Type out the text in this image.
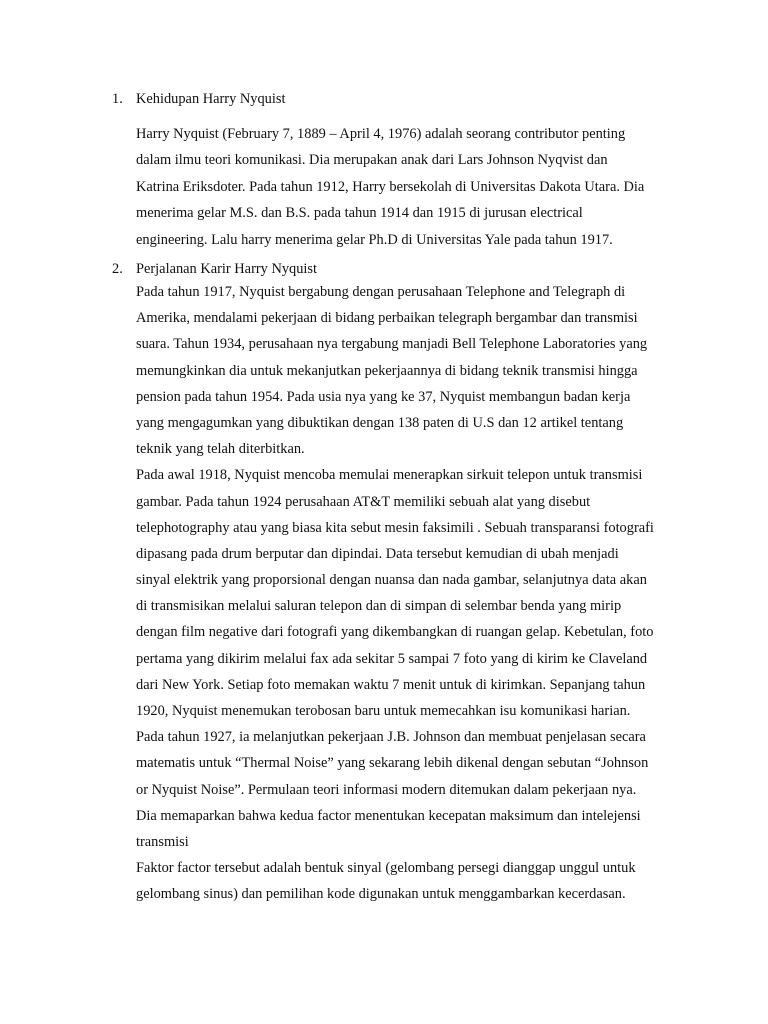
1. Kehidupan Harry Nyquist
Harry Nyquist (February 7, 1889 – April 4, 1976) adalah seorang contributor penting
dalam ilmu teori komunikasi. Dia merupakan anak dari Lars Johnson Nyqvist dan
Katrina Eriksdoter. Pada tahun 1912, Harry bersekolah di Universitas Dakota Utara. Dia
menerima gelar M.S. dan B.S. pada tahun 1914 dan 1915 di jurusan electrical
engineering. Lalu harry menerima gelar Ph.D di Universitas Yale pada tahun 1917.
2. Perjalanan Karir Harry Nyquist
Pada tahun 1917, Nyquist bergabung dengan perusahaan Telephone and Telegraph di
Amerika, mendalami pekerjaan di bidang perbaikan telegraph bergambar dan transmisi
suara. Tahun 1934, perusahaan nya tergabung manjadi Bell Telephone Laboratories yang
memungkinkan dia untuk mekanjutkan pekerjaannya di bidang teknik transmisi hingga
pension pada tahun 1954. Pada usia nya yang ke 37, Nyquist membangun badan kerja
yang mengagumkan yang dibuktikan dengan 138 paten di U.S dan 12 artikel tentang
teknik yang telah diterbitkan.
Pada awal 1918, Nyquist mencoba memulai menerapkan sirkuit telepon untuk transmisi
gambar. Pada tahun 1924 perusahaan AT&T memiliki sebuah alat yang disebut
telephotography atau yang biasa kita sebut mesin faksimili . Sebuah transparansi fotografi
dipasang pada drum berputar dan dipindai. Data tersebut kemudian di ubah menjadi
sinyal elektrik yang proporsional dengan nuansa dan nada gambar, selanjutnya data akan
di transmisikan melalui saluran telepon dan di simpan di selembar benda yang mirip
dengan film negative dari fotografi yang dikembangkan di ruangan gelap. Kebetulan, foto
pertama yang dikirim melalui fax ada sekitar 5 sampai 7 foto yang di kirim ke Claveland
dari New York. Setiap foto memakan waktu 7 menit untuk di kirimkan. Sepanjang tahun
1920, Nyquist menemukan terobosan baru untuk memecahkan isu komunikasi harian.
Pada tahun 1927, ia melanjutkan pekerjaan J.B. Johnson dan membuat penjelasan secara
matematis untuk “Thermal Noise” yang sekarang lebih dikenal dengan sebutan “Johnson
or Nyquist Noise”. Permulaan teori informasi modern ditemukan dalam pekerjaan nya.
Dia memaparkan bahwa kedua factor menentukan kecepatan maksimum dan intelejensi
transmisi
Faktor factor tersebut adalah bentuk sinyal (gelombang persegi dianggap unggul untuk
gelombang sinus) dan pemilihan kode digunakan untuk menggambarkan kecerdasan.
